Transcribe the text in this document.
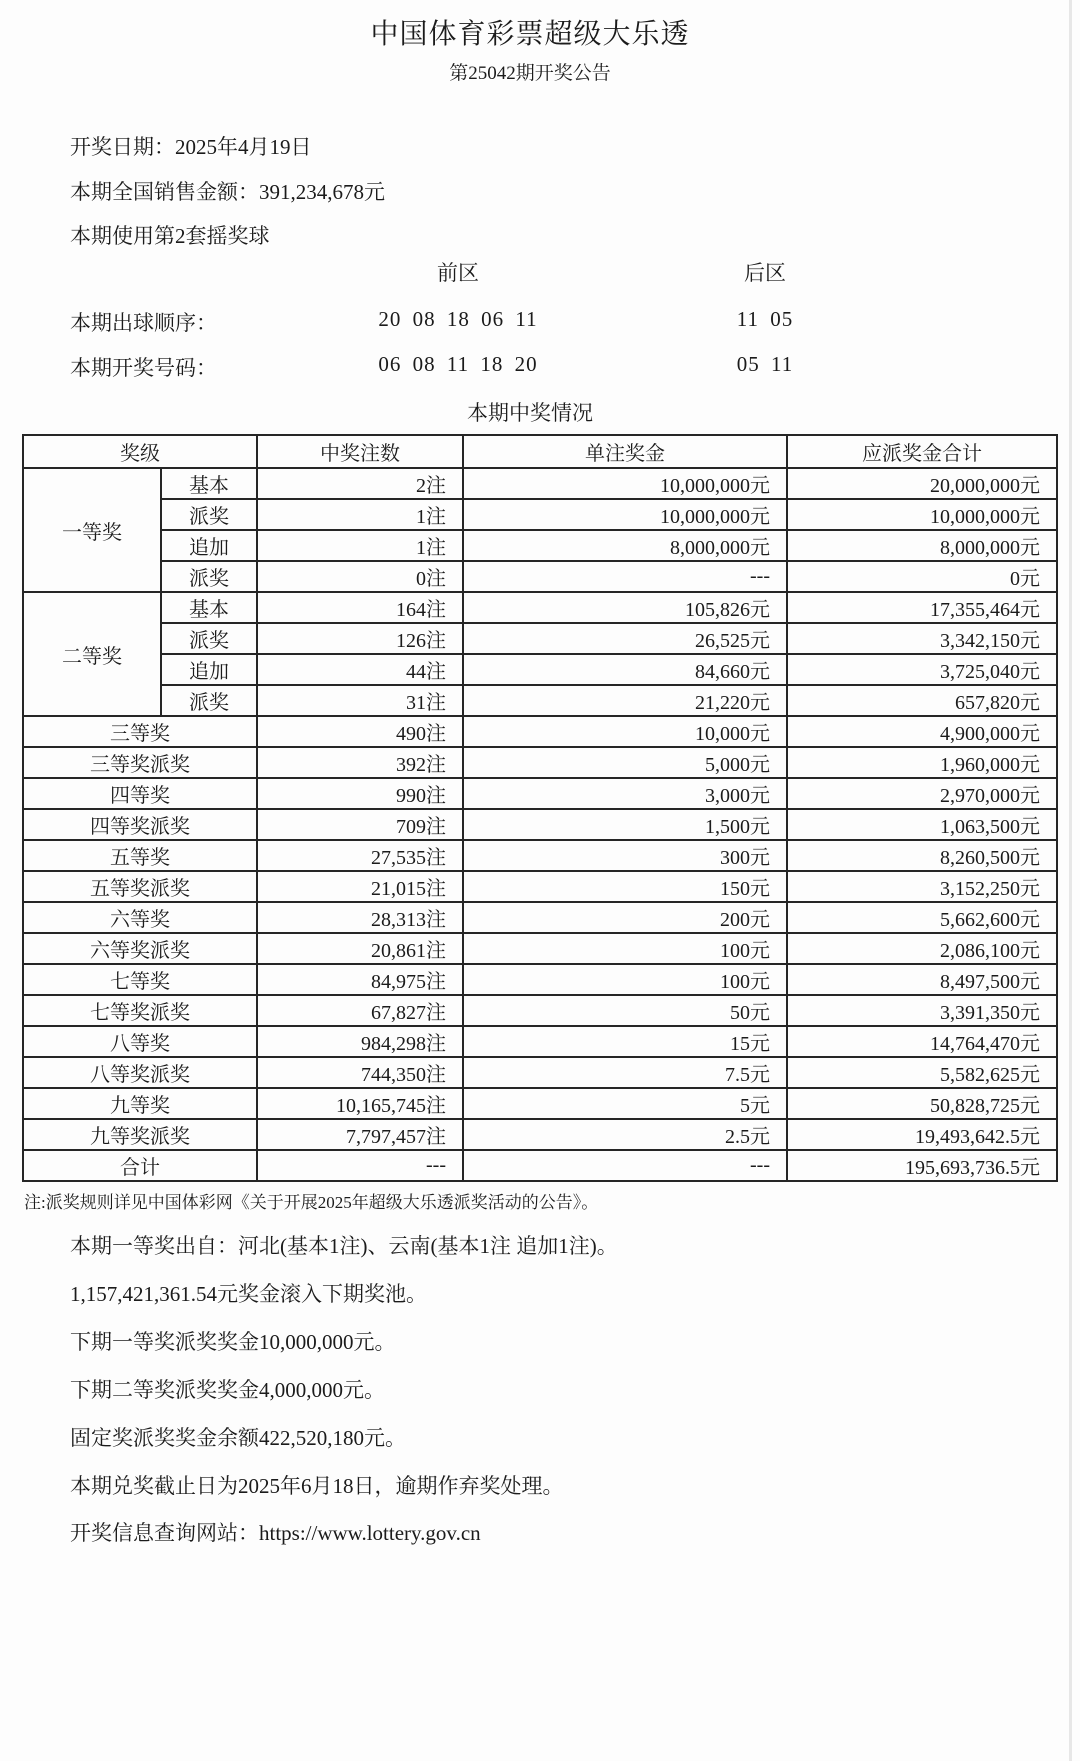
中国体育彩票超级大乐透
第25042期开奖公告
开奖日期：2025年4月19日
本期全国销售金额：391,234,678元
本期使用第2套摇奖球
前区	后区
本期出球顺序：	20 08 18 06 11	11 05
本期开奖号码：	06 08 11 18 20	05 11
本期中奖情况
奖级		中奖注数	单注奖金	应派奖金合计
一等奖	基本	2注	10,000,000元	20,000,000元
	派奖	1注	10,000,000元	10,000,000元
	追加	1注	8,000,000元	8,000,000元
	派奖	0注	---	0元
二等奖	基本	164注	105,826元	17,355,464元
	派奖	126注	26,525元	3,342,150元
	追加	44注	84,660元	3,725,040元
	派奖	31注	21,220元	657,820元
三等奖		490注	10,000元	4,900,000元
三等奖派奖		392注	5,000元	1,960,000元
四等奖		990注	3,000元	2,970,000元
四等奖派奖		709注	1,500元	1,063,500元
五等奖		27,535注	300元	8,260,500元
五等奖派奖		21,015注	150元	3,152,250元
六等奖		28,313注	200元	5,662,600元
六等奖派奖		20,861注	100元	2,086,100元
七等奖		84,975注	100元	8,497,500元
七等奖派奖		67,827注	50元	3,391,350元
八等奖		984,298注	15元	14,764,470元
八等奖派奖		744,350注	7.5元	5,582,625元
九等奖		10,165,745注	5元	50,828,725元
九等奖派奖		7,797,457注	2.5元	19,493,642.5元
合计		---	---	195,693,736.5元
注:派奖规则详见中国体彩网《关于开展2025年超级大乐透派奖活动的公告》。

本期一等奖出自：河北(基本1注)、云南(基本1注 追加1注)。

1,157,421,361.54元奖金滚入下期奖池。

下期一等奖派奖奖金10,000,000元。

下期二等奖派奖奖金4,000,000元。

固定奖派奖奖金余额422,520,180元。

本期兑奖截止日为2025年6月18日，逾期作弃奖处理。

开奖信息查询网站：https://www.lottery.gov.cn
